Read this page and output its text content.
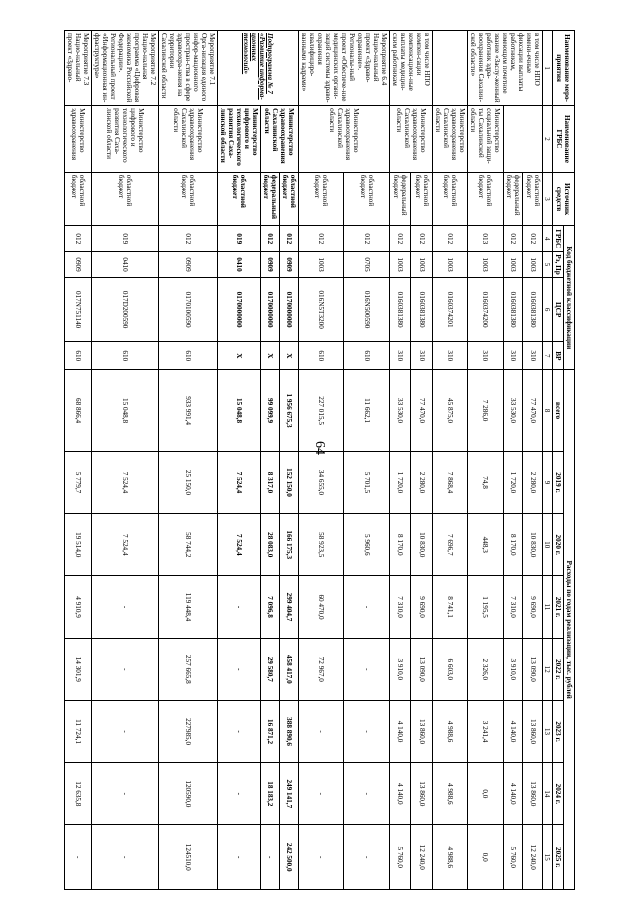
64
Наименование меро-приятия	Наименование ГРБС	Источник средств	Код бюджетной классификации				Расходы по годам реализации, тыс. рублей							
			ГРБС	Рз, Пр	ЦСР	ВР	всего	2019 г.	2020 г.	2021 г.	2022 г.	2023 г.	2024 г.	2025 г.
1	2	3	4	5	6	7	8	9	10	11	12	13	14	15
в том числе НПО имени-ечные фиксации выплаты работникам, имеющим почетное звание «Заслу-женный работник здра-воохранения Сахалин-ской области»		областной бюджет	012	1003	0160381380	310	77 470,0	2 280,0	10 830,0	9 690,0	13 090,0	13 860,0	13 860,0	12 240,0
		федеральный бюджет	012	1003	0160381380	310	33 530,0	1 720,0	8 170,0	7 310,0	3 910,0	4 140,0	4 140,0	5 760,0
	Министерство социальной защи-ты Сахалинской области	областной бюджет	013	1003	0160374200	310	7 286,0	74,8	448,3	1 195,5	2 326,0	3 241,4	0,0	0,0
	Министерство здравоохранения Сахалинской области	областной бюджет	012	1003	0160374201	310	45 875,0	7 868,4	7 696,7	8 741,1	6 603,0	4 988,6	4 988,6	4 988,6
в том числе НПО компен-сации компенсацион-ные выплаты медицин-ским работникам	Министерство здравоохранения Сахалинской области	областной бюджет	012	1003	0160381380	310	77 470,0	2 280,0	10 830,0	9 690,0	13 090,0	13 860,0	13 860,0	12 240,0
		федеральный бюджет	012	1003	0160381380	310	33 530,0	1 720,0	8 170,0	7 310,0	3 910,0	4 140,0	4 140,0	5 760,0
Мероприятие 6.4 Нацио-нальный проект «Здраво-охранение». Регионалы-ный проект «Обеспече-ние медицинских органи-заций системы здраво-охранения квалифициро-ванными кадрами»	Министерство здравоохранения Сахалинской области	областной бюджет	012	0705	016N500590	610	11 662,1	5 701,5	5 960,6	-	-	-	-	-
		областной бюджет	012	1003	016N5T3200	610	227 015,5	34 655,0	58 923,5	60 470,0	72 967,0	-	-	-
Подпрограмма № 7 «Развитие информа-ционных технологий»	Министерство здравоохранения Сахалинской области	областной бюджет	012	0909	0170000000	Х	1 956 675,3	152 150,0	166 175,3	299 404,7	458 417,0	388 890,6	249 141,7	242 500,0
		федеральный бюджет	012	0909	0170000000	Х	99 099,9	8 317,0	28 083,0	7 096,8	29 580,7	16 871,2	18 183,2	-
	Министерство цифрового и технологического развития Саха-линской области	областной бюджет	019	0410	0170000000	Х	15 048,8	7 524,4	7 524,4	-	-	-	-	-
Мероприятие 7.1 Орга-низация единого инфор-мационного простран-ства в сфере здравоохра-нения на территории Сахалинской области	Министерство здравоохранения Сахалинской области	областной бюджет	012	0909	0170100590	610	933 991,4	25 150,0	58 744,2	119 448,4	257 665,8	227985,0	120590,0	124510,0
Мероприятие 7.2 Нацио-нальная программа «Цифровая экономика Российской Федерации». Региональный проект «Информационная ин-фраструктура»	Министерство цифрового и технологического развития Саха-линской области	областной бюджет	019	0410	017D200590	610	15 048,8	7 524,4	7 524,4	-	-	-	-	-
Мероприятие 7.3 Нацио-нальный проект «Здраво-	Министерство здравоохранения	областной бюджет	012	0909	017N751140	610	68 866,4	5 779,7	19 514,0	4 910,9	14 301,9	11 724,1	12 635,8	-
